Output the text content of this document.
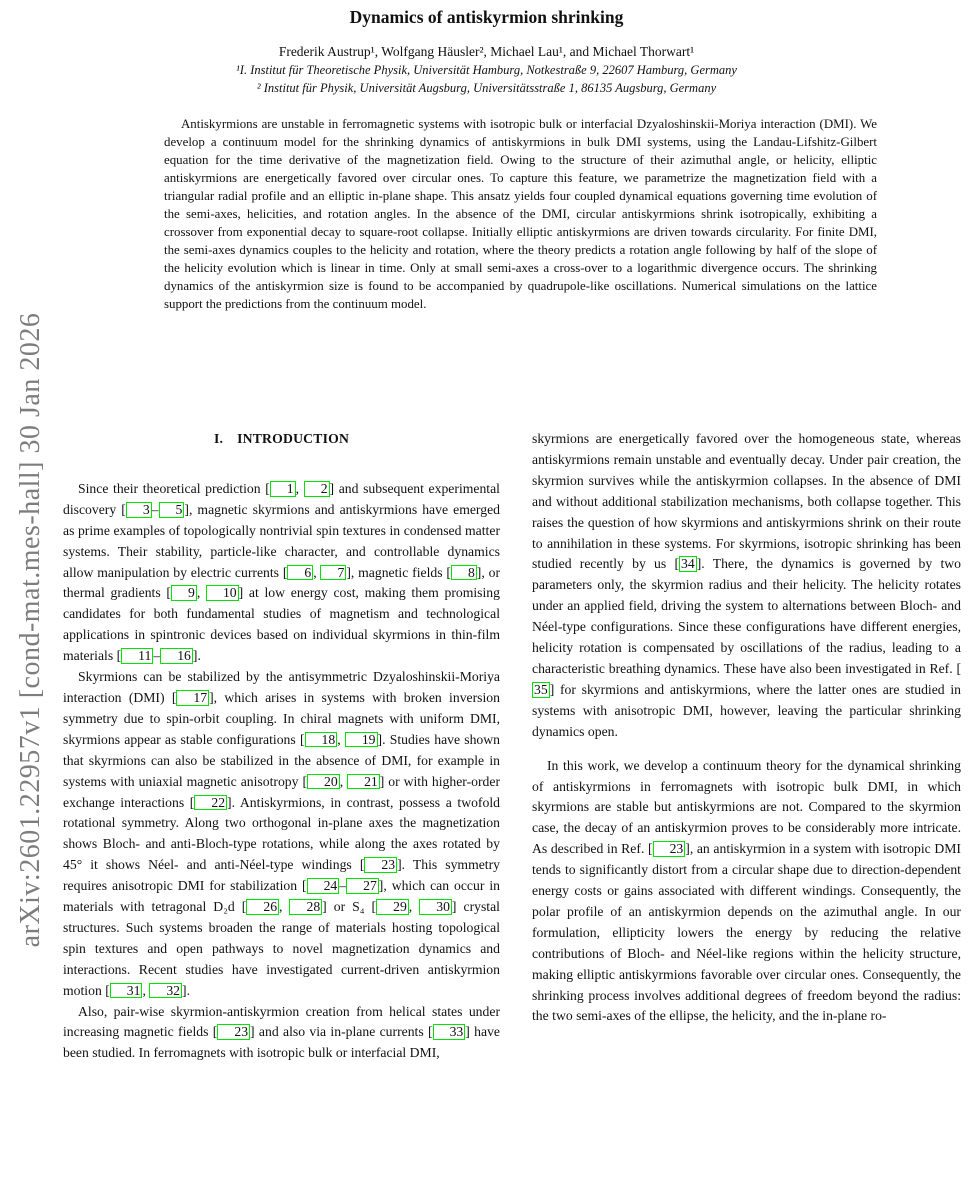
arXiv:2601.22957v1 [cond-mat.mes-hall] 30 Jan 2026
Dynamics of antiskyrmion shrinking
Frederik Austrup¹, Wolfgang Häusler², Michael Lau¹, and Michael Thorwart¹
¹I. Institut für Theoretische Physik, Universität Hamburg, Notkestraße 9, 22607 Hamburg, Germany
² Institut für Physik, Universität Augsburg, Universitätsstraße 1, 86135 Augsburg, Germany
Antiskyrmions are unstable in ferromagnetic systems with isotropic bulk or interfacial Dzyaloshinskii-Moriya interaction (DMI). We develop a continuum model for the shrinking dynamics of antiskyrmions in bulk DMI systems, using the Landau-Lifshitz-Gilbert equation for the time derivative of the magnetization field. Owing to the structure of their azimuthal angle, or helicity, elliptic antiskyrmions are energetically favored over circular ones. To capture this feature, we parametrize the magnetization field with a triangular radial profile and an elliptic in-plane shape. This ansatz yields four coupled dynamical equations governing time evolution of the semi-axes, helicities, and rotation angles. In the absence of the DMI, circular antiskyrmions shrink isotropically, exhibiting a crossover from exponential decay to square-root collapse. Initially elliptic antiskyrmions are driven towards circularity. For finite DMI, the semi-axes dynamics couples to the helicity and rotation, where the theory predicts a rotation angle following by half of the slope of the helicity evolution which is linear in time. Only at small semi-axes a cross-over to a logarithmic divergence occurs. The shrinking dynamics of the antiskyrmion size is found to be accompanied by quadrupole-like oscillations. Numerical simulations on the lattice support the predictions from the continuum model.
I. INTRODUCTION

Since their theoretical prediction [ 1 , 2 ] and subsequent experimental discovery [ 3 – 5 ], magnetic skyrmions and antiskyrmions have emerged as prime examples of topologically nontrivial spin textures in condensed matter systems. Their stability, particle-like character, and controllable dynamics allow manipulation by electric currents [ 6 , 7 ], magnetic fields [ 8 ], or thermal gradients [ 9 , 10 ] at low energy cost, making them promising candidates for both fundamental studies of magnetism and technological applications in spintronic devices based on individual skyrmions in thin-film materials [ 11 – 16 ].

Skyrmions can be stabilized by the antisymmetric Dzyaloshinskii-Moriya interaction (DMI) [ 17 ], which arises in systems with broken inversion symmetry due to spin-orbit coupling. In chiral magnets with uniform DMI, skyrmions appear as stable configurations [ 18 , 19 ]. Studies have shown that skyrmions can also be stabilized in the absence of DMI, for example in systems with uniaxial magnetic anisotropy [ 20 , 21 ] or with higher-order exchange interactions [ 22 ]. Antiskyrmions, in contrast, possess a twofold rotational symmetry. Along two orthogonal in-plane axes the magnetization shows Bloch- and anti-Bloch-type rotations, while along the axes rotated by 45° it shows Néel- and anti-Néel-type windings [ 23 ]. This symmetry requires anisotropic DMI for stabilization [ 24 – 27 ], which can occur in materials with tetragonal D₂d [ 26 , 28 ] or S₄ [ 29 , 30 ] crystal structures. Such systems broaden the range of materials hosting topological spin textures and open pathways to novel magnetization dynamics and interactions. Recent studies have investigated current-driven antiskyrmion motion [ 31 , 32 ].

Also, pair-wise skyrmion-antiskyrmion creation from helical states under increasing magnetic fields [ 23 ] and also via in-plane currents [ 33 ] have been studied. In ferromagnets with isotropic bulk or interfacial DMI,

skyrmions are energetically favored over the homogeneous state, whereas antiskyrmions remain unstable and eventually decay. Under pair creation, the skyrmion survives while the antiskyrmion collapses. In the absence of DMI and without additional stabilization mechanisms, both collapse together. This raises the question of how skyrmions and antiskyrmions shrink on their route to annihilation in these systems. For skyrmions, isotropic shrinking has been studied recently by us [ 34 ]. There, the dynamics is governed by two parameters only, the skyrmion radius and their helicity. The helicity rotates under an applied field, driving the system to alternations between Bloch- and Néel-type configurations. Since these configurations have different energies, helicity rotation is compensated by oscillations of the radius, leading to a characteristic breathing dynamics. These have also been investigated in Ref. [35 ] for skyrmions and antiskyrmions, where the latter ones are studied in systems with anisotropic DMI, however, leaving the particular shrinking dynamics open.

In this work, we develop a continuum theory for the dynamical shrinking of antiskyrmions in ferromagnets with isotropic bulk DMI, in which skyrmions are stable but antiskyrmions are not. Compared to the skyrmion case, the decay of an antiskyrmion proves to be considerably more intricate. As described in Ref. [ 23 ], an antiskyrmion in a system with isotropic DMI tends to significantly distort from a circular shape due to direction-dependent energy costs or gains associated with different windings. Consequently, the polar profile of an antiskyrmion depends on the azimuthal angle. In our formulation, ellipticity lowers the energy by reducing the relative contributions of Bloch- and Néel-like regions within the helicity structure, making elliptic antiskyrmions favorable over circular ones. Consequently, the shrinking process involves additional degrees of freedom beyond the radius: the two semi-axes of the ellipse, the helicity, and the in-plane ro-
